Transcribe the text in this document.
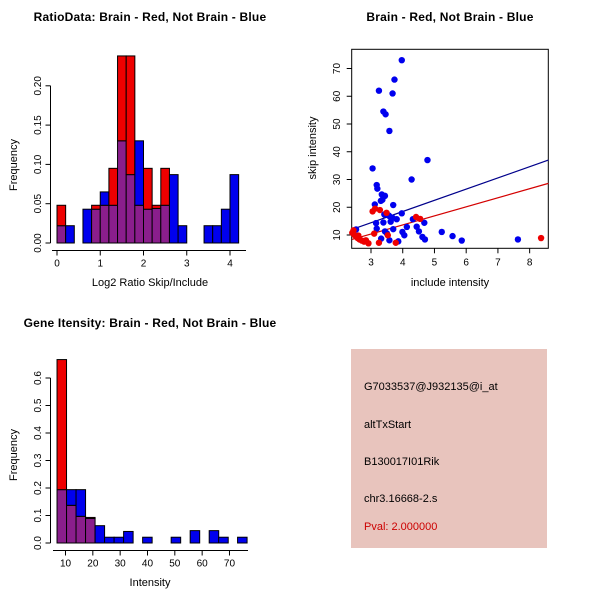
0.00
0.05
0.10
0.15
0.20
0	1	2	3	4
RatioData: Brain - Red, Not Brain - Blue
Log2 Ratio Skip/Include
Frequency
3	4	5	6	7	8
10
20
30
40
50
60
70
Brain - Red, Not Brain - Blue
include intensity
skip intensity
0.0
0.1
0.2
0.3
0.4
0.5
0.6
10 20 30 40 50 60 70
Gene Itensity: Brain - Red, Not Brain - Blue
Intensity
Frequency
G7033537@J932135@i_at
altTxStart
B130017I01Rik
chr3.16668-2.s
Pval: 2.000000
